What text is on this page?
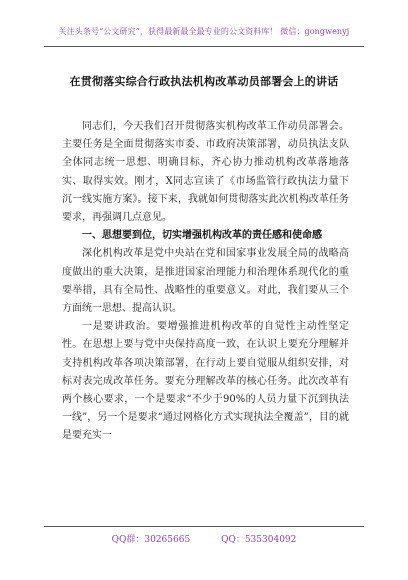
关注头条号“公文研究”，获得最新最全最专业的公文资料库！ 微信：gongwenyj
在贯彻落实综合行政执法机构改革动员部署会上的讲话

同志们，今天我们召开贯彻落实机构改革工作动员部署会。主要任务是全面贯彻落实市委、市政府决策部署，动员执法支队全体同志统一思想、明确目标，齐心协力推动机构改革落地落实、取得实效。刚才，X同志宣读了《市场监管行政执法力量下沉一线实施方案》。接下来，我就如何贯彻落实此次机构改革任务要求，再强调几点意见。

一、思想要到位，切实增强机构改革的责任感和使命感

深化机构改革是党中央站在党和国家事业发展全局的战略高度做出的重大决策，是推进国家治理能力和治理体系现代化的重要举措，具有全局性、战略性的重要意义。对此，我们要从三个方面统一思想、提高认识。

一是要讲政治。要增强推进机构改革的自觉性主动性坚定性。在思想上要与党中央保持高度一致，在认识上要充分理解并支持机构改革各项决策部署，在行动上要自觉服从组织安排，对标对表完成改革任务。要充分理解改革的核心任务。此次改革有两个核心要求，一个是要求“不少于90%的人员力量下沉到执法一线”，另一个是要求“通过网格化方式实现执法全覆盖”，目的就是要充实一

QQ群：30265665	QQ：535304092
